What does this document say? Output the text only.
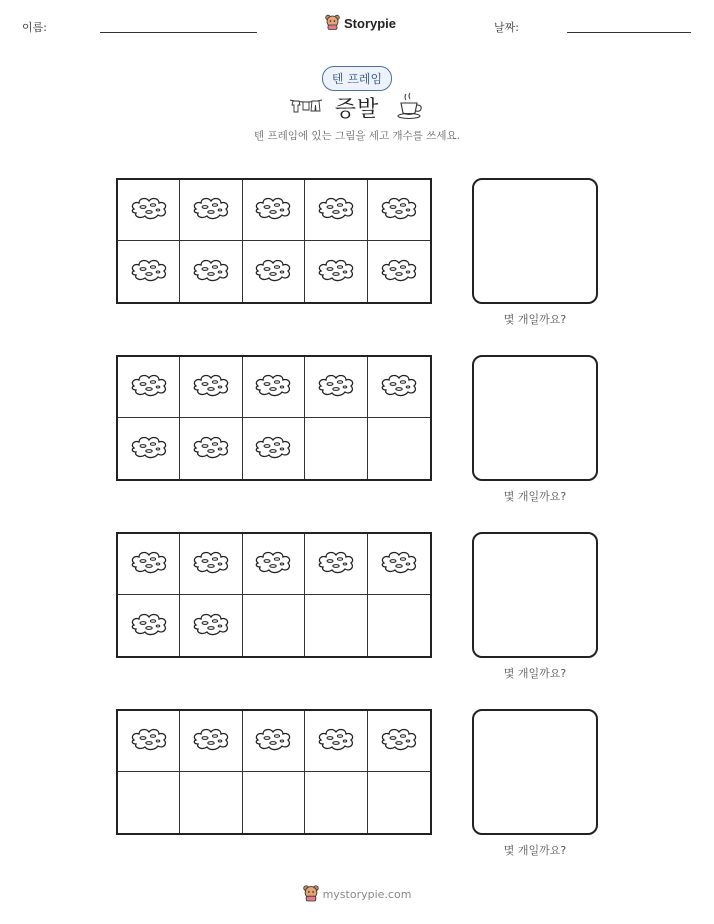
이름:	Storypie	날짜:
텐 프레임
증발
텐 프레임에 있는 그림을 세고 개수를 쓰세요.
몇 개일까요?
몇 개일까요?
몇 개일까요?
몇 개일까요?
mystorypie.com
